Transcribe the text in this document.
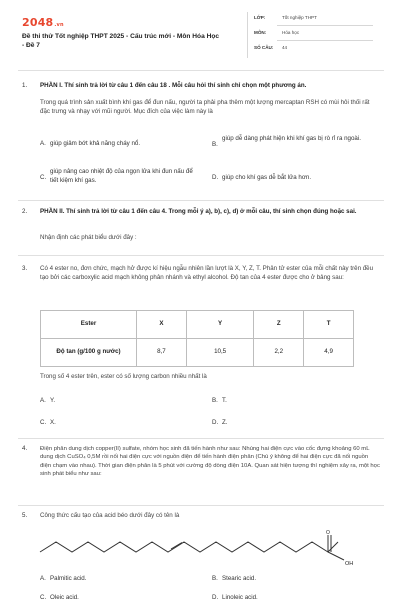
2048.vn
Đề thi thử Tốt nghiệp THPT 2025 - Cấu trúc mới - Môn Hóa Học - Đề 7
LỚP:	Tốt nghiệp THPT
MÔN:	Hóa học
SỐ CÂU: 44
1. PHẦN I. Thí sinh trả lời từ câu 1 đến câu 18 . Mỗi câu hỏi thí sinh chỉ chọn một phương án.
Trong quá trình sản xuất bình khí gas để đun nấu, người ta phải pha thêm một lượng mercaptan RSH có mùi hôi thối rất đặc trưng và nhạy với mũi người. Mục đích của việc làm này là
A. giúp giảm bớt khả năng cháy nổ.	B.
giúp dễ dàng phát hiện khi khí gas bị rò rỉ ra ngoài.
C.
giúp nâng cao nhiệt độ của ngọn lửa khi đun nấu để tiết kiệm khí gas.	D. giúp cho khí gas dễ bắt lửa hơn.
2. PHẦN II. Thí sinh trả lời từ câu 1 đến câu 4. Trong mỗi ý a), b), c), d) ở mỗi câu, thí sinh chọn đúng hoặc sai.
Nhận định các phát biểu dưới đây :
3. Có 4 ester no, đơn chức, mạch hở được kí hiệu ngẫu nhiên lần lượt là X, Y, Z, T. Phân tử ester của mỗi chất này trên đều tạo bởi các carboxylic acid mạch không phân nhánh và ethyl alcohol. Độ tan của 4 ester được cho ở bảng sau:
Ester	X	Y	Z	T
Độ tan (g/100 g nước)	8,7	10,5	2,2	4,9
Trong số 4 ester trên, ester có số lượng carbon nhiều nhất là
A. Y.	B. T.
C. X.	D. Z.
4. Điện phân dung dịch copper(II) sulfate, nhóm học sinh đã tiến hành như sau: Nhúng hai điện cực vào cốc đựng khoảng 60 mL dung dịch CuSO₄ 0,5M rồi nối hai điện cực với nguồn điện để tiến hành điện phân (Chú ý không để hai điện cực đã nối nguồn điện chạm vào nhau). Thời gian điện phân là 5 phút với cường độ dòng điện 10A. Quan sát hiện tượng thí nghiệm xảy ra, một học sinh phát biểu như sau:
5. Công thức cấu tạo của acid béo dưới đây có tên là
O
OH
A. Palmitic acid.	B. Stearic acid.
C. Oleic acid.	D. Linoleic acid.
